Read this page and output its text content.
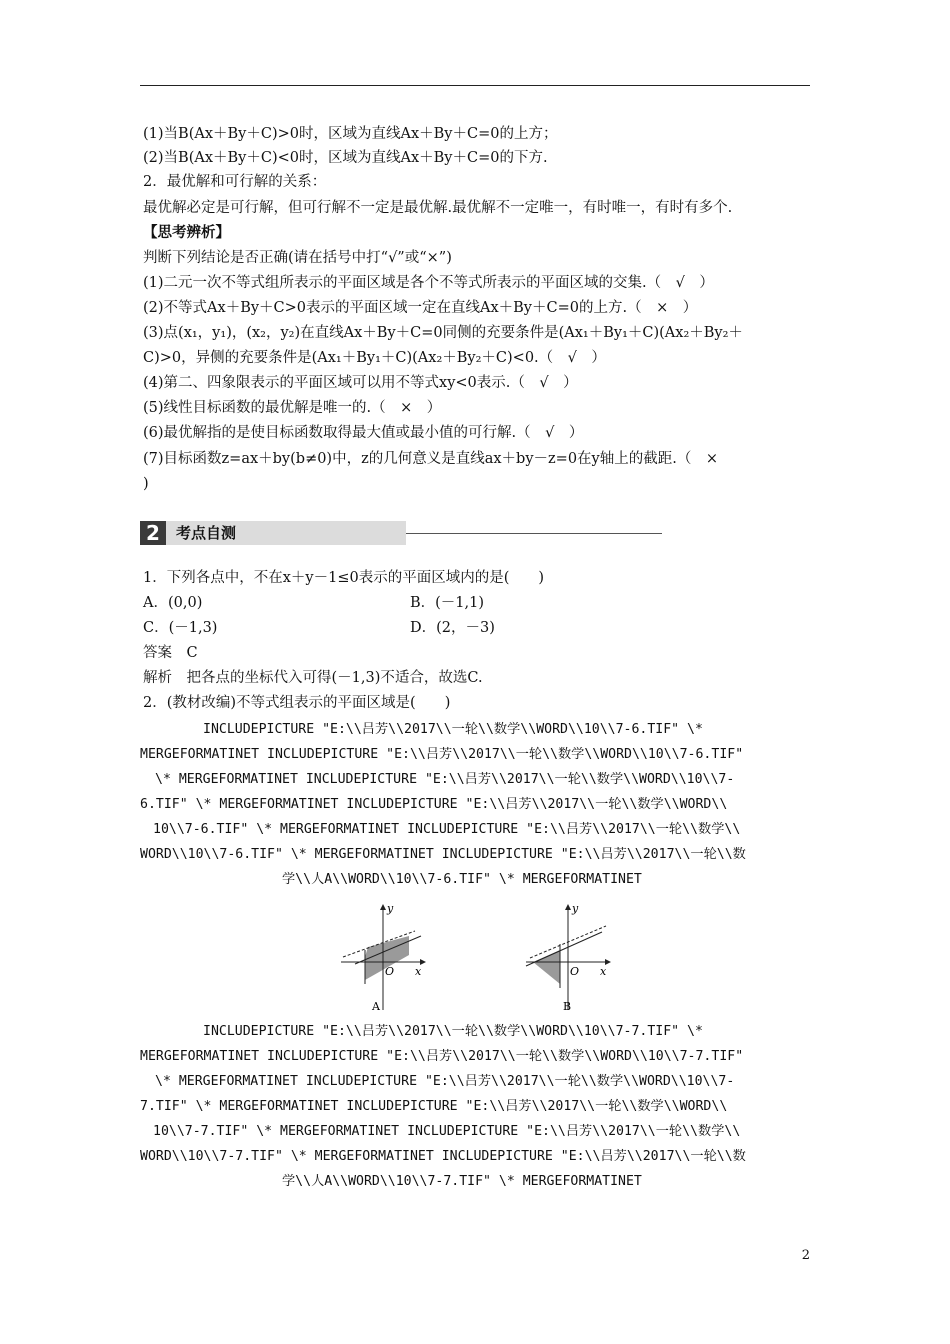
(1)当B(Ax＋By＋C)>0时，区域为直线Ax＋By＋C=0的上方；
(2)当B(Ax＋By＋C)<0时，区域为直线Ax＋By＋C=0的下方.
2．最优解和可行解的关系：
最优解必定是可行解，但可行解不一定是最优解.最优解不一定唯一，有时唯一，有时有多个.
【思考辨析】
判断下列结论是否正确(请在括号中打“√”或“×”)
(1)二元一次不等式组所表示的平面区域是各个不等式所表示的平面区域的交集.（　√　）
(2)不等式Ax＋By＋C>0表示的平面区域一定在直线Ax＋By＋C=0的上方.（　×　）
(3)点(x₁，y₁)，(x₂，y₂)在直线Ax＋By＋C=0同侧的充要条件是(Ax₁＋By₁＋C)(Ax₂＋By₂＋
C)>0，异侧的充要条件是(Ax₁＋By₁＋C)(Ax₂＋By₂＋C)<0.（　√　）
(4)第二、四象限表示的平面区域可以用不等式xy<0表示.（　√　）
(5)线性目标函数的最优解是唯一的.（　×　）
(6)最优解指的是使目标函数取得最大值或最小值的可行解.（　√　）
(7)目标函数z=ax＋by(b≠0)中，z的几何意义是直线ax＋by－z=0在y轴上的截距.（　×
)
2	考点自测
1．下列各点中，不在x＋y－1≤0表示的平面区域内的是(　　)
A．(0,0)	B．(－1,1)
C．(－1,3)	D．(2，－3)
答案　C
解析　把各点的坐标代入可得(－1,3)不适合，故选C.
2．(教材改编)不等式组表示的平面区域是(　　)
INCLUDEPICTURE "E:\\吕芳\\2017\\一轮\\数学\\WORD\\10\\7-6.TIF" \*
MERGEFORMATINET INCLUDEPICTURE "E:\\吕芳\\2017\\一轮\\数学\\WORD\\10\\7-6.TIF"
\* MERGEFORMATINET INCLUDEPICTURE "E:\\吕芳\\2017\\一轮\\数学\\WORD\\10\\7-
6.TIF" \* MERGEFORMATINET INCLUDEPICTURE "E:\\吕芳\\2017\\一轮\\数学\\WORD\\
10\\7-6.TIF" \* MERGEFORMATINET INCLUDEPICTURE "E:\\吕芳\\2017\\一轮\\数学\\
WORD\\10\\7-6.TIF" \* MERGEFORMATINET INCLUDEPICTURE "E:\\吕芳\\2017\\一轮\\数
学\\人A\\WORD\\10\\7-6.TIF" \* MERGEFORMATINET
y
x
O
A
y
x
O
B
INCLUDEPICTURE "E:\\吕芳\\2017\\一轮\\数学\\WORD\\10\\7-7.TIF" \*
MERGEFORMATINET INCLUDEPICTURE "E:\\吕芳\\2017\\一轮\\数学\\WORD\\10\\7-7.TIF"
\* MERGEFORMATINET INCLUDEPICTURE "E:\\吕芳\\2017\\一轮\\数学\\WORD\\10\\7-
7.TIF" \* MERGEFORMATINET INCLUDEPICTURE "E:\\吕芳\\2017\\一轮\\数学\\WORD\\
10\\7-7.TIF" \* MERGEFORMATINET INCLUDEPICTURE "E:\\吕芳\\2017\\一轮\\数学\\
WORD\\10\\7-7.TIF" \* MERGEFORMATINET INCLUDEPICTURE "E:\\吕芳\\2017\\一轮\\数
学\\人A\\WORD\\10\\7-7.TIF" \* MERGEFORMATINET
2
